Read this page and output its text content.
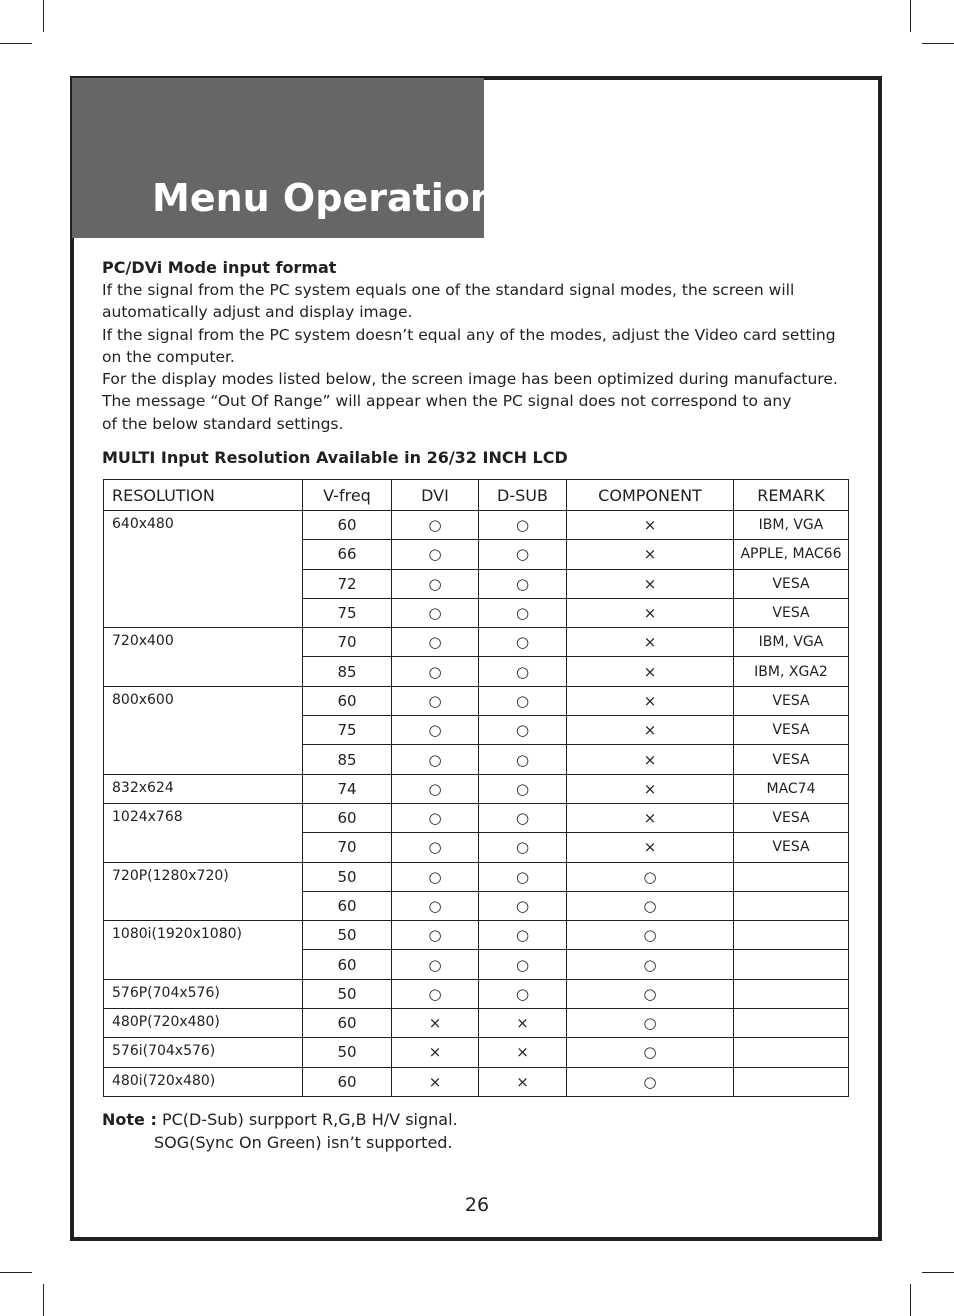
Menu Operation

PC/DVi Mode input format

If the signal from the PC system equals one of the standard signal modes, the screen will

automatically adjust and display image.

If the signal from the PC system doesn’t equal any of the modes, adjust the Video card setting

on the computer.

For the display modes listed below, the screen image has been optimized during manufacture.

The message “Out Of Range” will appear when the PC signal does not correspond to any

of the below standard settings.

MULTI Input Resolution Available in 26/32 INCH LCD
RESOLUTION	V-freq	DVI	D-SUB	COMPONENT	REMARK
640x480	60	○	○	×	IBM, VGA
	66	○	○	×	APPLE, MAC66
	72	○	○	×	VESA
	75	○	○	×	VESA
720x400	70	○	○	×	IBM, VGA
	85	○	○	×	IBM, XGA2
800x600	60	○	○	×	VESA
	75	○	○	×	VESA
	85	○	○	×	VESA
832x624	74	○	○	×	MAC74
1024x768	60	○	○	×	VESA
	70	○	○	×	VESA
720P(1280x720)	50	○	○	○	
	60	○	○	○	
1080i(1920x1080)	50	○	○	○	
	60	○	○	○	
576P(704x576)	50	○	○	○	
480P(720x480)	60	×	×	○	
576i(704x576)	50	×	×	○	
480i(720x480)	60	×	×	○	
Note : PC(D-Sub) surpport R,G,B H/V signal.
SOG(Sync On Green) isn’t supported.
26
